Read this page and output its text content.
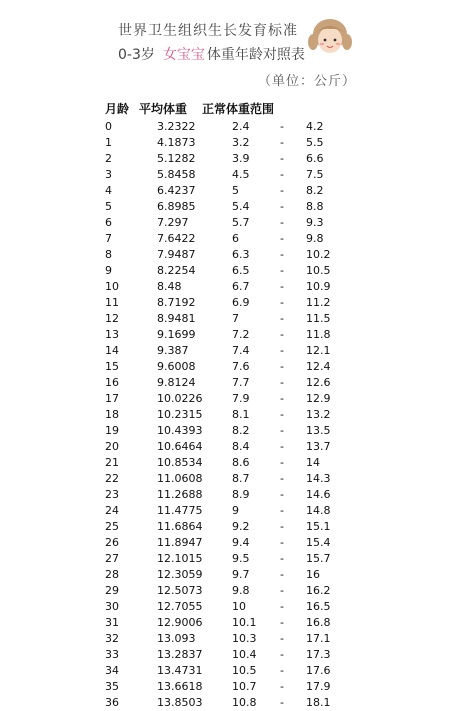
世界卫生组织生长发育标准
0-3岁 女宝宝 体重年龄对照表
（单位：公斤）
月龄 平均体重 正常体重范围
0	3.2322	2.4	- 4.2
1	4.1873	3.2	- 5.5
2	5.1282	3.9	- 6.6
3	5.8458	4.5	- 7.5
4	6.4237	5	- 8.2
5	6.8985	5.4	- 8.8
6	7.297	5.7	- 9.3
7	7.6422	6	- 9.8
8	7.9487	6.3	- 10.2
9	8.2254	6.5	- 10.5
10	8.48	6.7	- 10.9
11	8.7192	6.9	- 11.2
12	8.9481	7	- 11.5
13	9.1699	7.2	- 11.8
14	9.387	7.4	- 12.1
15	9.6008	7.6	- 12.4
16	9.8124	7.7	- 12.6
17	10.0226	7.9	- 12.9
18	10.2315	8.1	- 13.2
19	10.4393	8.2	- 13.5
20	10.6464	8.4	- 13.7
21	10.8534	8.6	- 14
22	11.0608	8.7	- 14.3
23	11.2688	8.9	- 14.6
24	11.4775	9	- 14.8
25	11.6864	9.2	- 15.1
26	11.8947	9.4	- 15.4
27	12.1015	9.5	- 15.7
28	12.3059	9.7	- 16
29	12.5073	9.8	- 16.2
30	12.7055	10	- 16.5
31	12.9006	10.1 - 16.8
32	13.093	10.3 - 17.1
33	13.2837	10.4 - 17.3
34	13.4731	10.5 - 17.6
35	13.6618	10.7 - 17.9
36	13.8503	10.8 - 18.1
